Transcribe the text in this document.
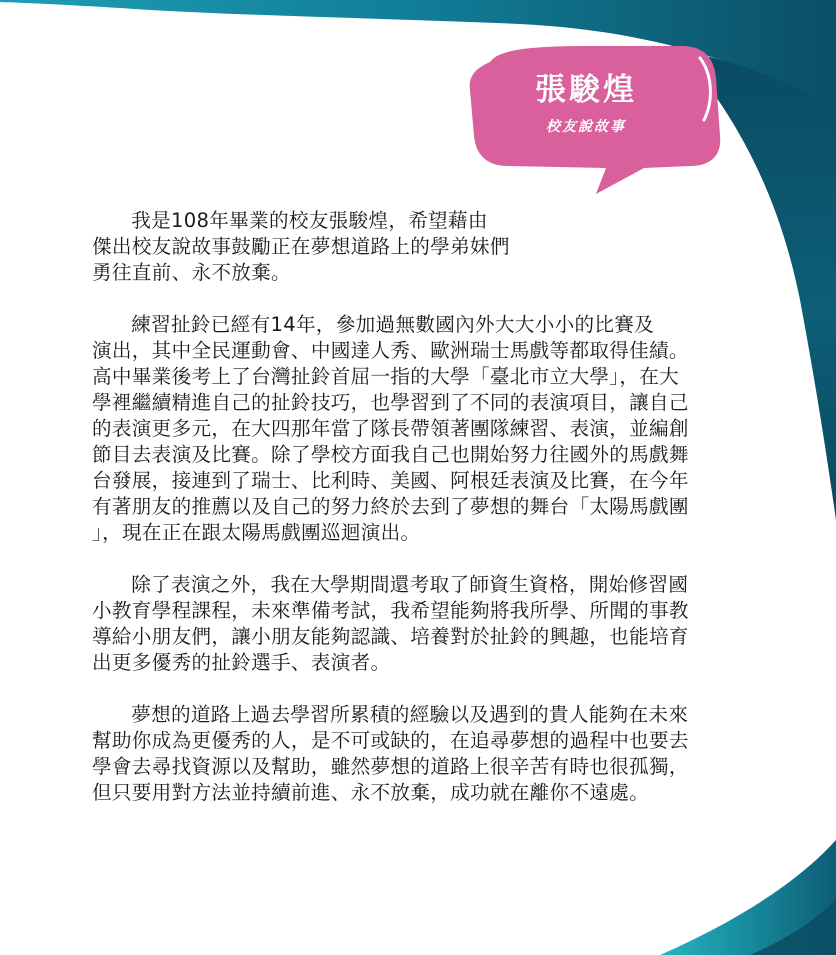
張駿煌
校友說故事

我是108年畢業的校友張駿煌，希望藉由
傑出校友說故事鼓勵正在夢想道路上的學弟妹們
勇往直前、永不放棄。

練習扯鈴已經有14年，參加過無數國內外大大小小的比賽及
演出，其中全民運動會、中國達人秀、歐洲瑞士馬戲等都取得佳績。
高中畢業後考上了台灣扯鈴首屈一指的大學「臺北市立大學」，在大
學裡繼續精進自己的扯鈴技巧，也學習到了不同的表演項目，讓自己
的表演更多元，在大四那年當了隊長帶領著團隊練習、表演，並編創
節目去表演及比賽。除了學校方面我自己也開始努力往國外的馬戲舞
台發展，接連到了瑞士、比利時、美國、阿根廷表演及比賽，在今年
有著朋友的推薦以及自己的努力終於去到了夢想的舞台「太陽馬戲團
」，現在正在跟太陽馬戲團巡迴演出。

除了表演之外，我在大學期間還考取了師資生資格，開始修習國
小教育學程課程，未來準備考試，我希望能夠將我所學、所聞的事教
導給小朋友們，讓小朋友能夠認識、培養對於扯鈴的興趣，也能培育
出更多優秀的扯鈴選手、表演者。

夢想的道路上過去學習所累積的經驗以及遇到的貴人能夠在未來
幫助你成為更優秀的人，是不可或缺的，在追尋夢想的過程中也要去
學會去尋找資源以及幫助，雖然夢想的道路上很辛苦有時也很孤獨，
但只要用對方法並持續前進、永不放棄，成功就在離你不遠處。
